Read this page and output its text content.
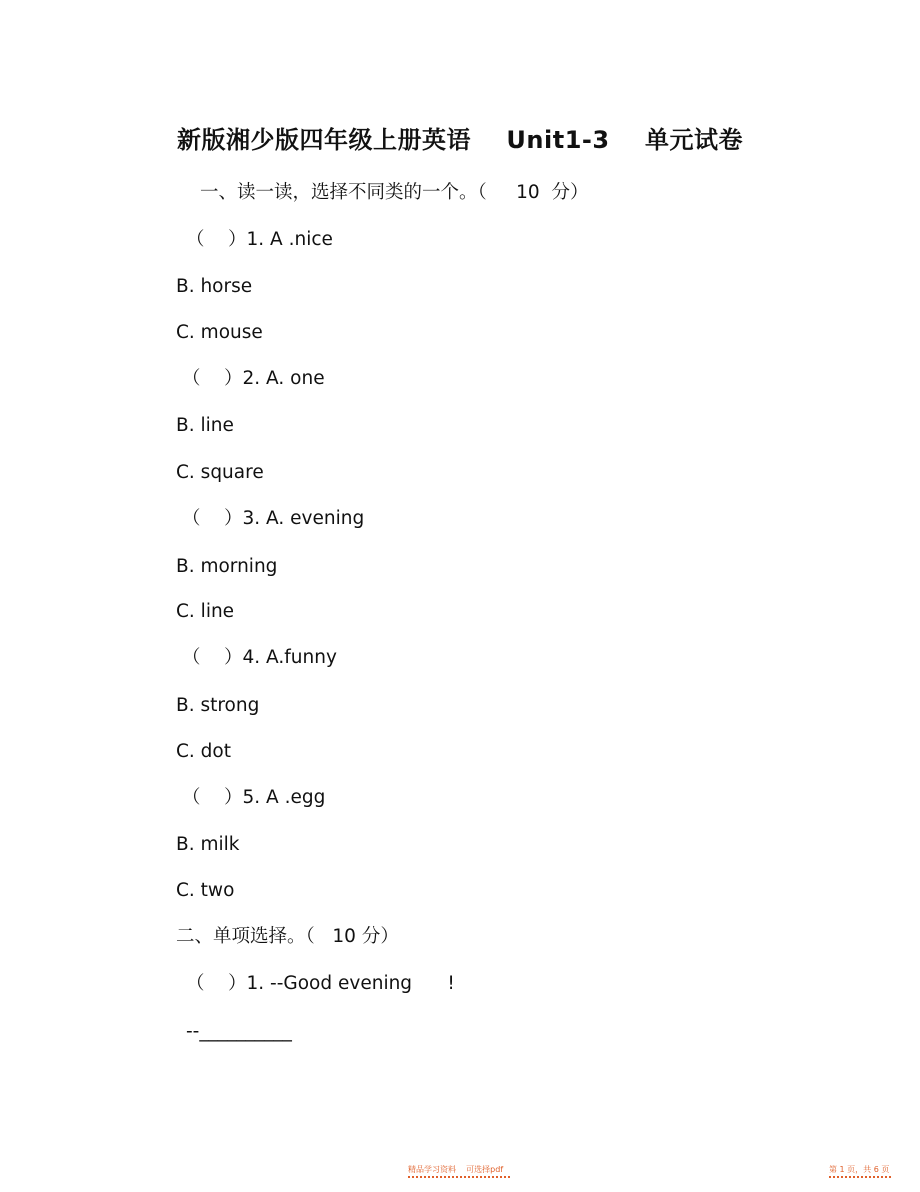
新版湘少版四年级上册英语    Unit1-3    单元试卷
一、读一读，选择不同类的一个。（     10  分）
（    ）1. A .nice
B. horse
C. mouse
（    ）2. A. one
B. line
C. square
（    ）3. A. evening
B. morning
C. line
（    ）4. A.funny
B. strong
C. dot
（    ）5. A .egg
B. milk
C. two
二、单项选择。（   10 分）
（    ）1. --Good evening      !
--__________
精品学习资料    可选择pdf	第 1 页，共 6 页
